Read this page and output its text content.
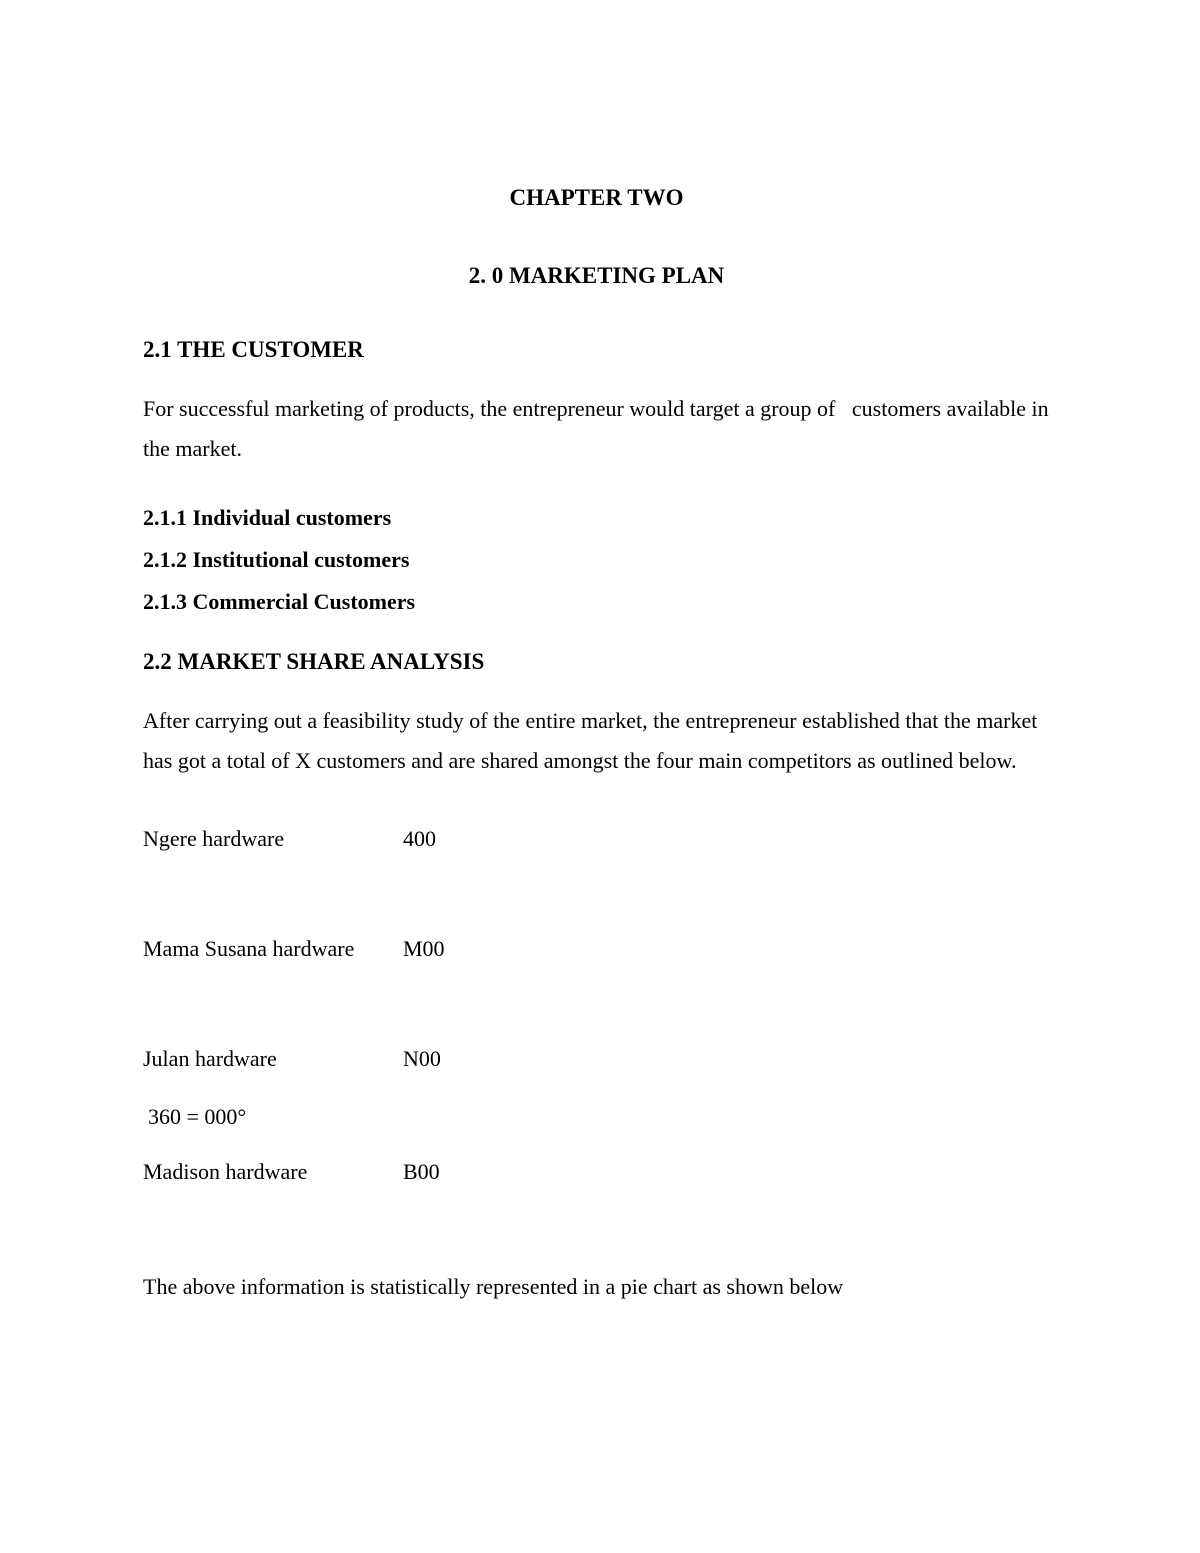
CHAPTER TWO
2. 0 MARKETING PLAN
2.1 THE CUSTOMER

For successful marketing of products, the entrepreneur would target a group of   customers available in the market.

2.1.1 Individual customers
2.1.2 Institutional customers
2.1.3 Commercial Customers
2.2 MARKET SHARE ANALYSIS

After carrying out a feasibility study of the entire market, the entrepreneur established that the market has got a total of X customers and are shared amongst the four main competitors as outlined below.

Ngere hardware	400
Mama Susana hardware	M00
Julan hardware	N00

360 = 000°

Madison hardware	B00

The above information is statistically represented in a pie chart as shown below
